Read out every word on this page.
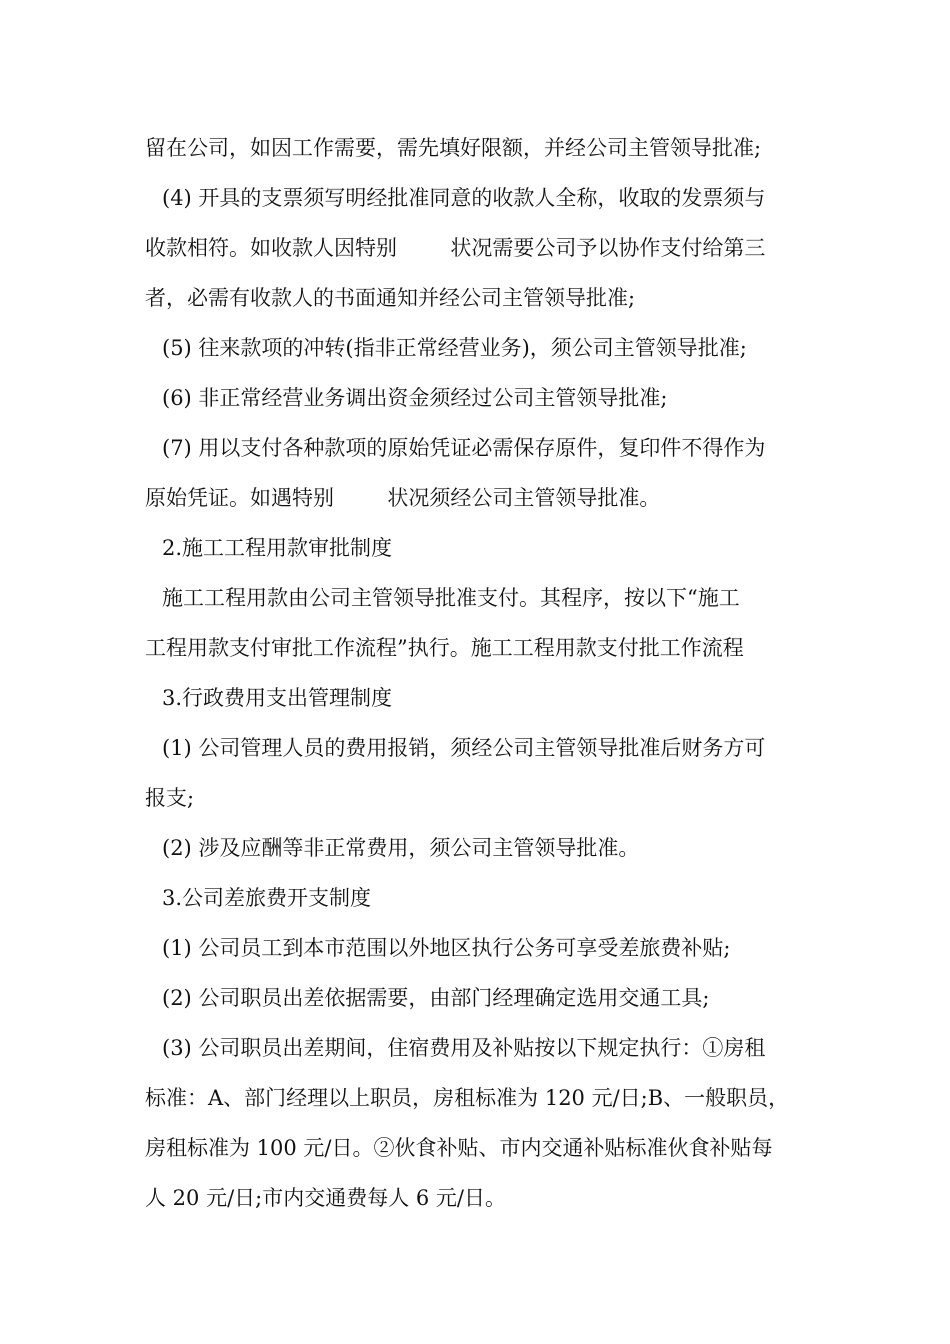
留在公司，如因工作需要，需先填好限额，并经公司主管领导批准;
(4) 开具的支票须写明经批准同意的收款人全称，收取的发票须与
收款相符。如收款人因特别        状况需要公司予以协作支付给第三
者，必需有收款人的书面通知并经公司主管领导批准;
(5) 往来款项的冲转(指非正常经营业务)，须公司主管领导批准;
(6) 非正常经营业务调出资金须经过公司主管领导批准;
(7) 用以支付各种款项的原始凭证必需保存原件，复印件不得作为
原始凭证。如遇特别        状况须经公司主管领导批准。
2.施工工程用款审批制度
施工工程用款由公司主管领导批准支付。其程序，按以下“施工
工程用款支付审批工作流程”执行。施工工程用款支付批工作流程
3.行政费用支出管理制度
(1) 公司管理人员的费用报销，须经公司主管领导批准后财务方可
报支;
(2) 涉及应酬等非正常费用，须公司主管领导批准。
3.公司差旅费开支制度
(1) 公司员工到本市范围以外地区执行公务可享受差旅费补贴;
(2) 公司职员出差依据需要，由部门经理确定选用交通工具;
(3) 公司职员出差期间，住宿费用及补贴按以下规定执行：①房租
标准：A、部门经理以上职员，房租标准为 120 元/日;B、一般职员，
房租标准为 100 元/日。②伙食补贴、市内交通补贴标准伙食补贴每
人 20 元/日;市内交通费每人 6 元/日。
